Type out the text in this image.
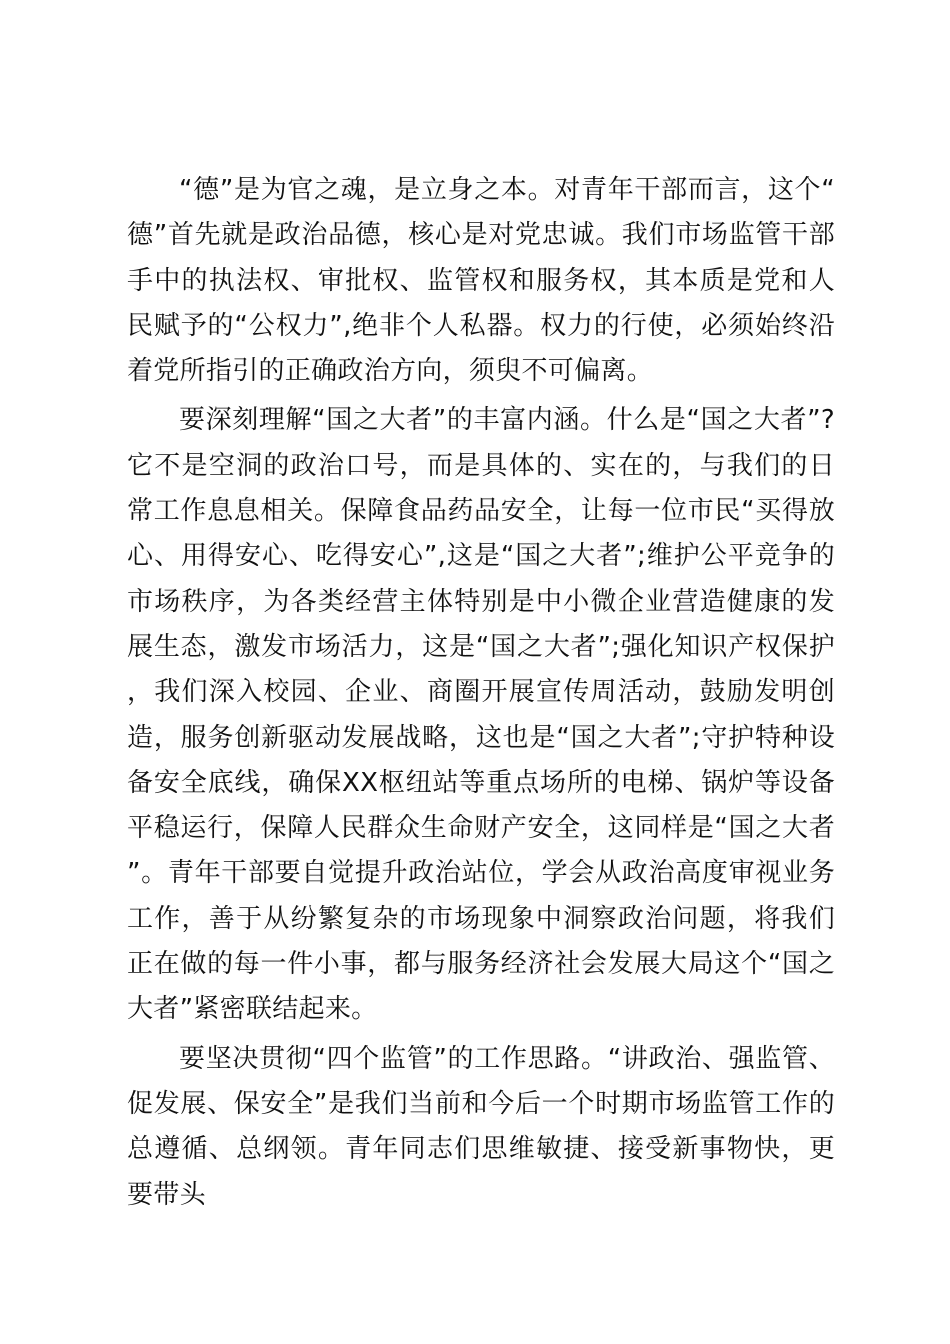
“德”是为官之魂，是立身之本。对青年干部而言，这个“德”首先就是政治品德，核心是对党忠诚。我们市场监管干部手中的执法权、审批权、监管权和服务权，其本质是党和人民赋予的“公权力”,绝非个人私器。权力的行使，必须始终沿着党所指引的正确政治方向，须臾不可偏离。

要深刻理解“国之大者”的丰富内涵。什么是“国之大者”?它不是空洞的政治口号，而是具体的、实在的，与我们的日常工作息息相关。保障食品药品安全，让每一位市民“买得放心、用得安心、吃得安心”,这是“国之大者”;维护公平竞争的市场秩序，为各类经营主体特别是中小微企业营造健康的发展生态，激发市场活力，这是“国之大者”;强化知识产权保护，我们深入校园、企业、商圈开展宣传周活动，鼓励发明创造，服务创新驱动发展战略，这也是“国之大者”;守护特种设备安全底线，确保XX枢纽站等重点场所的电梯、锅炉等设备平稳运行，保障人民群众生命财产安全，这同样是“国之大者”。青年干部要自觉提升政治站位，学会从政治高度审视业务工作，善于从纷繁复杂的市场现象中洞察政治问题，将我们正在做的每一件小事，都与服务经济社会发展大局这个“国之大者”紧密联结起来。

要坚决贯彻“四个监管”的工作思路。“讲政治、强监管、促发展、保安全”是我们当前和今后一个时期市场监管工作的总遵循、总纲领。青年同志们思维敏捷、接受新事物快，更要带头
